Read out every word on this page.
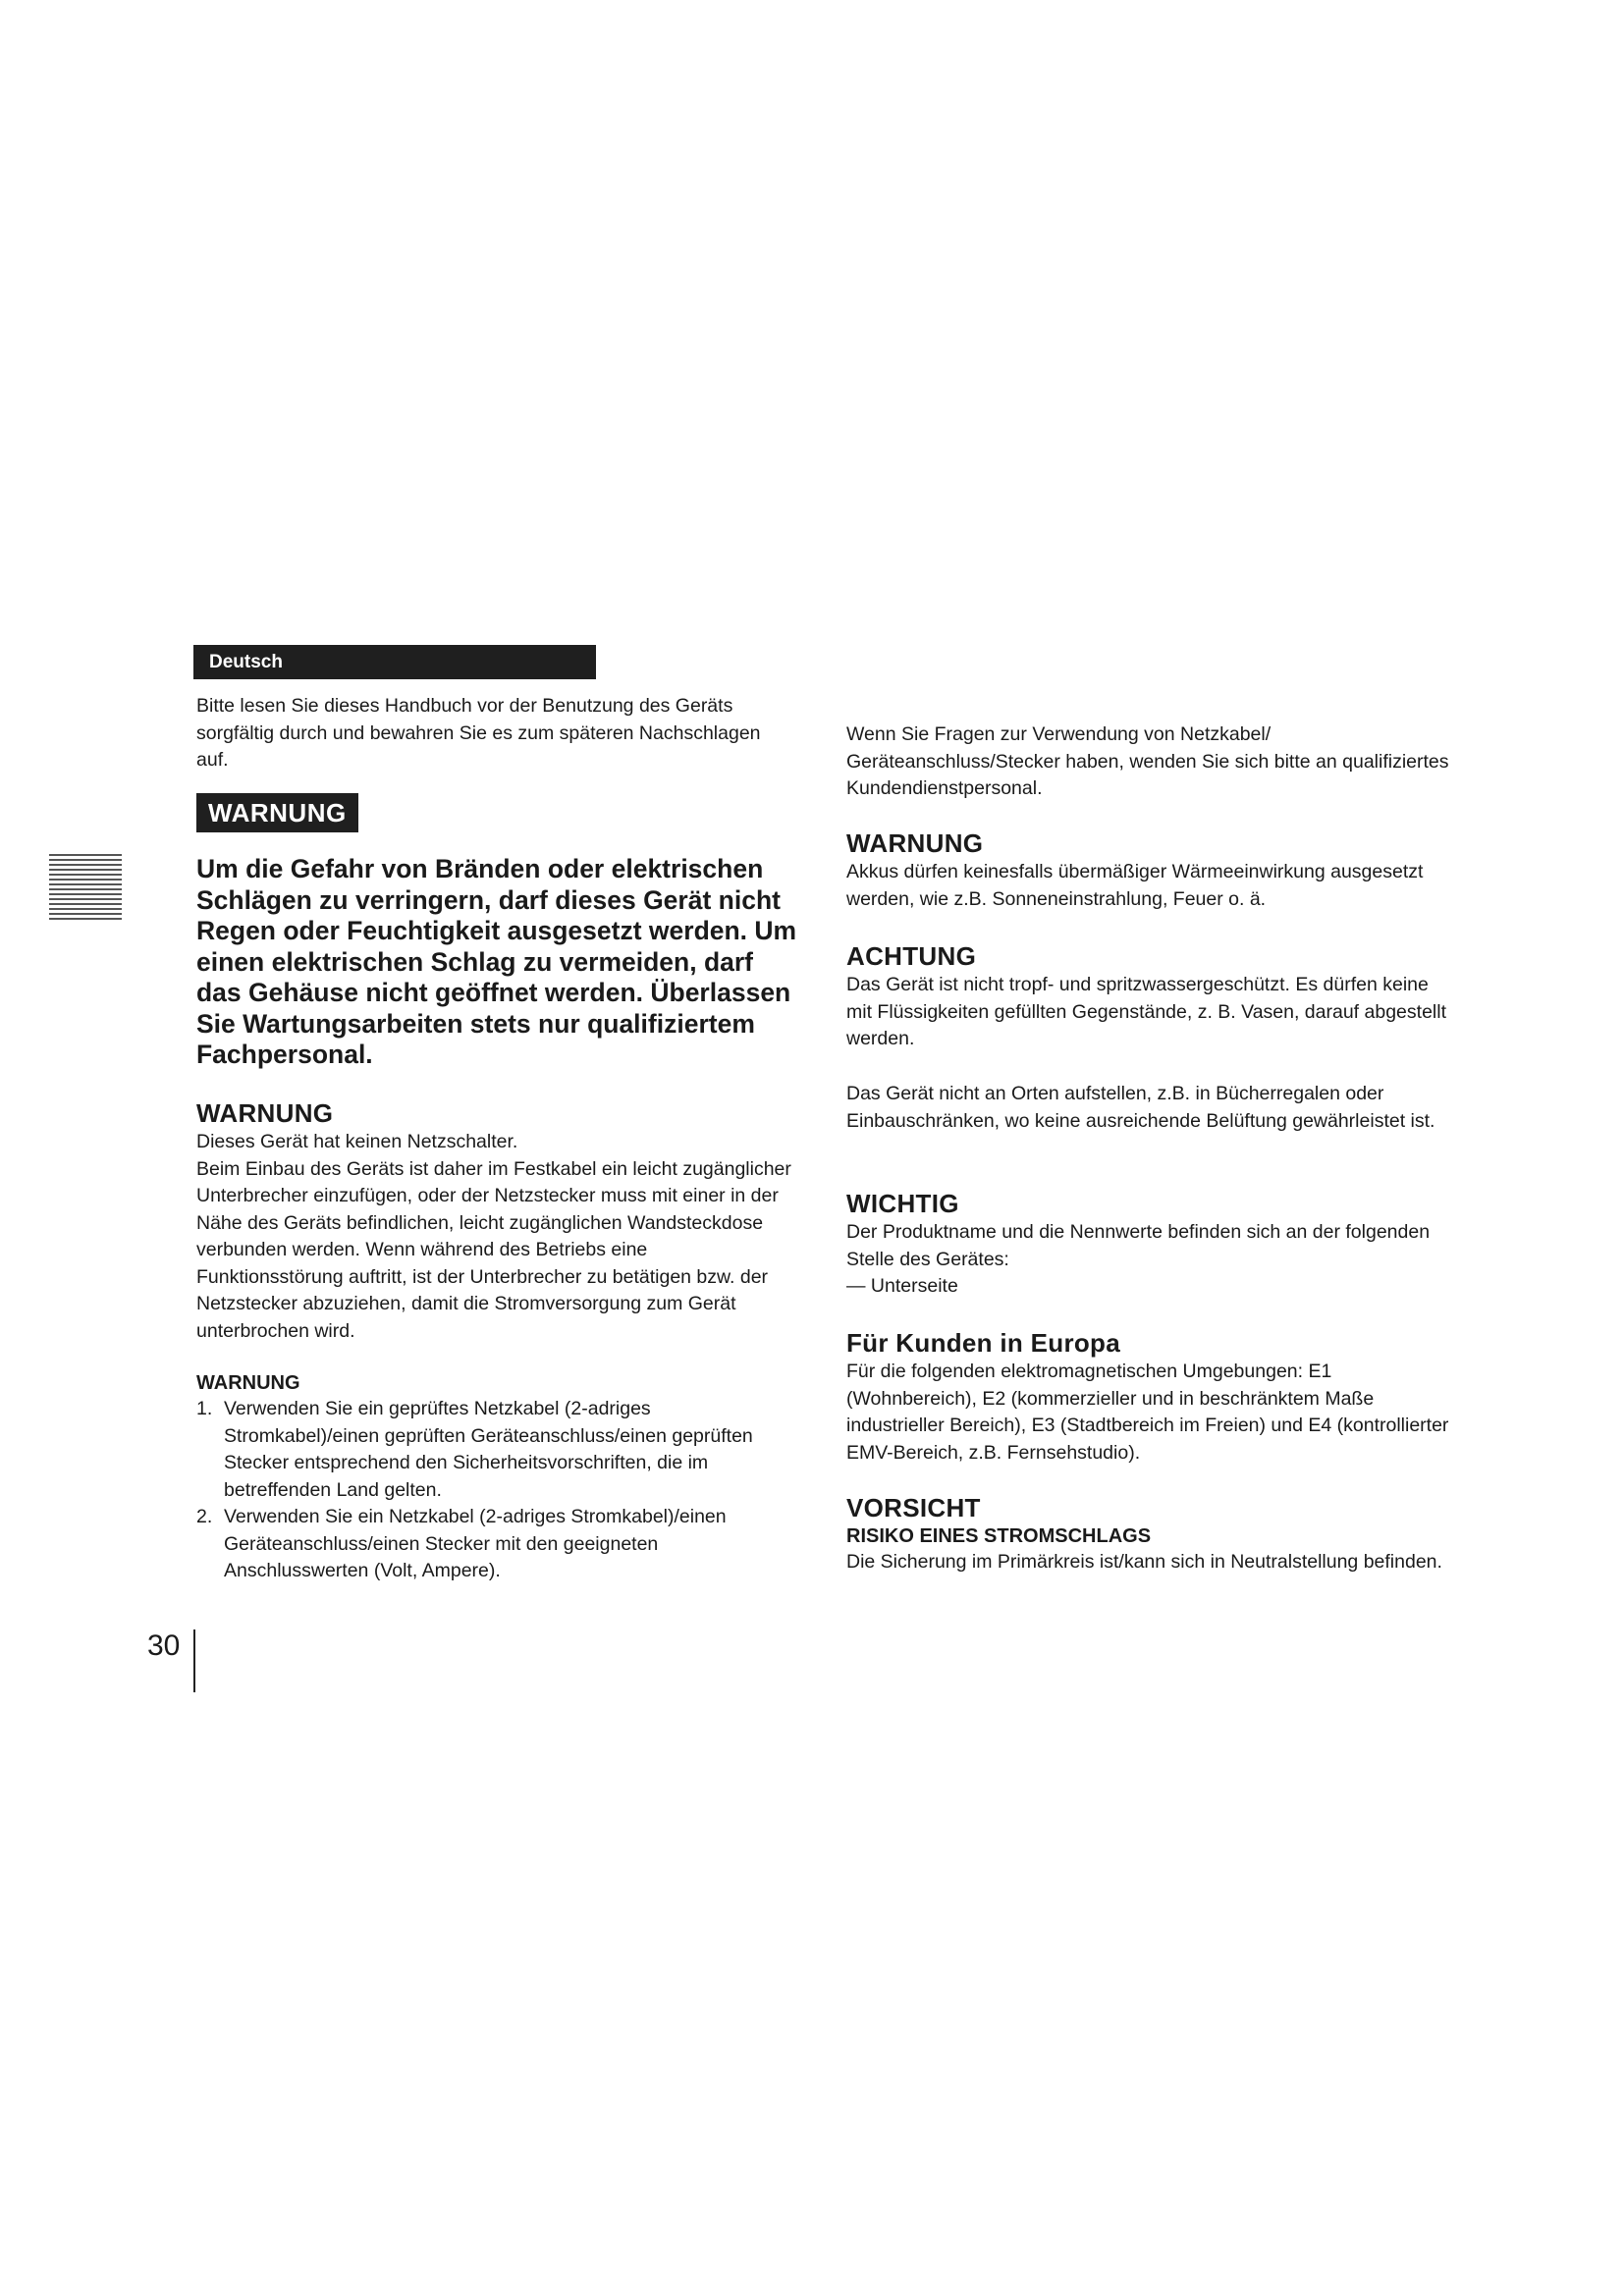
Deutsch

Bitte lesen Sie dieses Handbuch vor der Benutzung des Geräts sorgfältig durch und bewahren Sie es zum späteren Nachschlagen auf.

WARNUNG

Um die Gefahr von Bränden oder elektrischen Schlägen zu verringern, darf dieses Gerät nicht Regen oder Feuchtigkeit ausgesetzt werden. Um einen elektrischen Schlag zu vermeiden, darf das Gehäuse nicht geöffnet werden. Überlassen Sie Wartungsarbeiten stets nur qualifiziertem Fachpersonal.

WARNUNG

Dieses Gerät hat keinen Netzschalter.

Beim Einbau des Geräts ist daher im Festkabel ein leicht zugänglicher Unterbrecher einzufügen, oder der Netzstecker muss mit einer in der Nähe des Geräts befindlichen, leicht zugänglichen Wandsteckdose verbunden werden. Wenn während des Betriebs eine Funktionsstörung auftritt, ist der Unterbrecher zu betätigen bzw. der Netzstecker abzuziehen, damit die Stromversorgung zum Gerät unterbrochen wird.

WARNUNG
1. Verwenden Sie ein geprüftes Netzkabel (2-adriges Stromkabel)/einen geprüften Geräteanschluss/einen geprüften Stecker entsprechend den Sicherheitsvorschriften, die im betreffenden Land gelten.
2. Verwenden Sie ein Netzkabel (2-adriges Stromkabel)/einen Geräteanschluss/einen Stecker mit den geeigneten Anschlusswerten (Volt, Ampere).

Wenn Sie Fragen zur Verwendung von Netzkabel/ Geräteanschluss/Stecker haben, wenden Sie sich bitte an qualifiziertes Kundendienstpersonal.

WARNUNG

Akkus dürfen keinesfalls übermäßiger Wärmeeinwirkung ausgesetzt werden, wie z.B. Sonneneinstrahlung, Feuer o. ä.

ACHTUNG

Das Gerät ist nicht tropf- und spritzwassergeschützt. Es dürfen keine mit Flüssigkeiten gefüllten Gegenstände, z. B. Vasen, darauf abgestellt werden.

Das Gerät nicht an Orten aufstellen, z.B. in Bücherregalen oder Einbauschränken, wo keine ausreichende Belüftung gewährleistet ist.

WICHTIG

Der Produktname und die Nennwerte befinden sich an der folgenden Stelle des Gerätes:

— Unterseite

Für Kunden in Europa

Für die folgenden elektromagnetischen Umgebungen: E1 (Wohnbereich), E2 (kommerzieller und in beschränktem Maße industrieller Bereich), E3 (Stadtbereich im Freien) und E4 (kontrollierter EMV-Bereich, z.B. Fernsehstudio).

VORSICHT
RISIKO EINES STROMSCHLAGS

Die Sicherung im Primärkreis ist/kann sich in Neutralstellung befinden.

30
